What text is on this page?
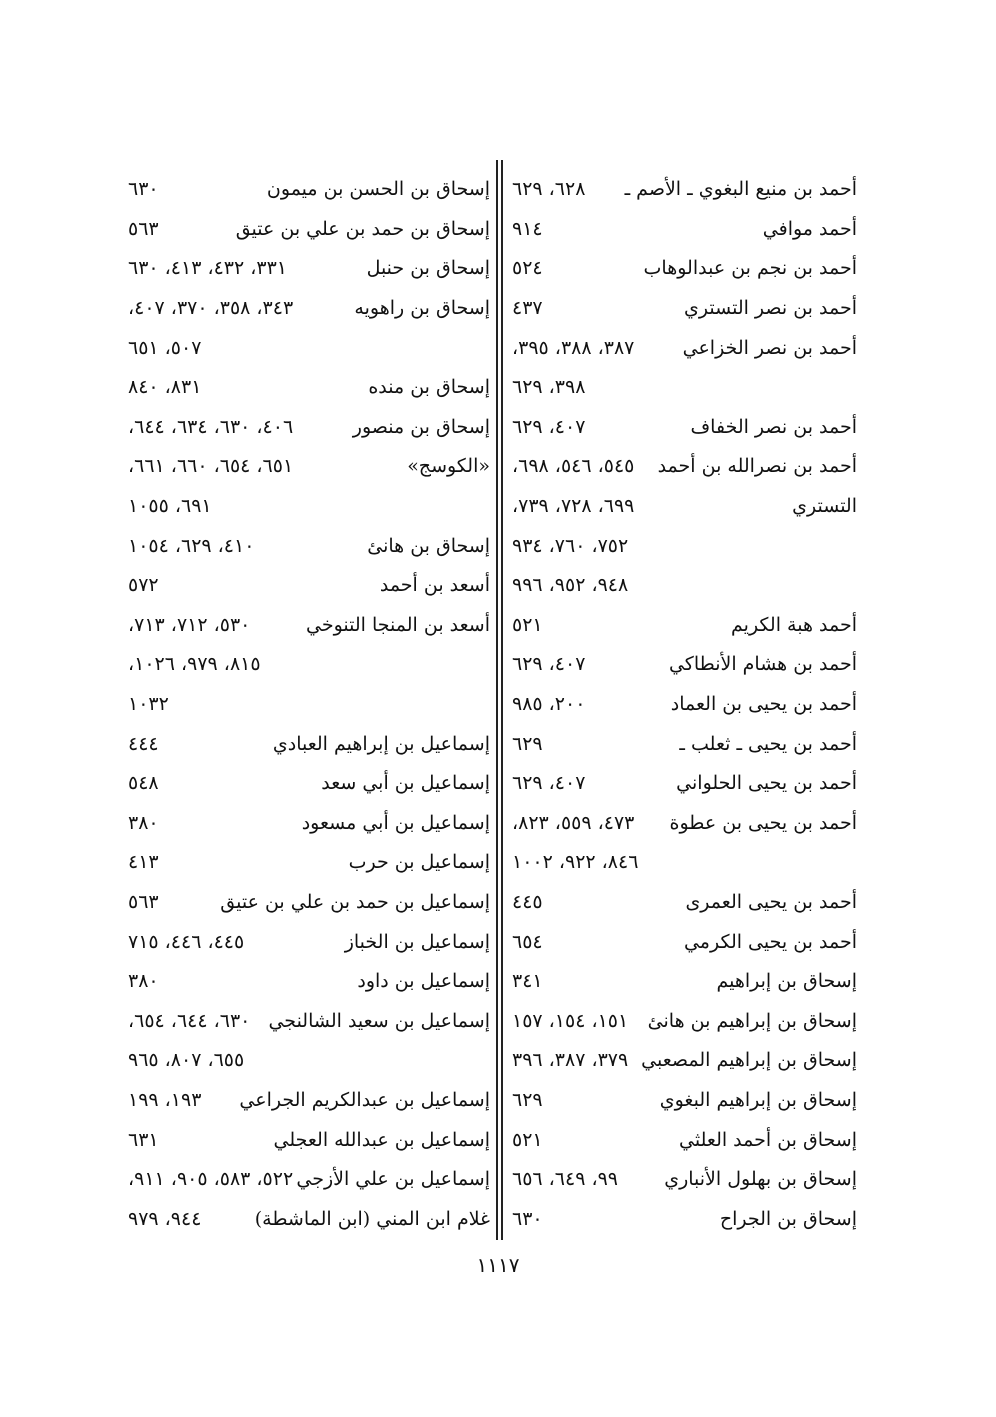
أحمد بن منيع البغوي ـ الأصم ـ
٦٢٨، ٦٢٩
أحمد موافي
٩١٤
أحمد بن نجم بن عبدالوهاب
٥٢٤
أحمد بن نصر التستري
٤٣٧
أحمد بن نصر الخزاعي
٣٨٧، ٣٨٨، ٣٩٥،
٣٩٨، ٦٢٩
أحمد بن نصر الخفاف
٤٠٧، ٦٢٩
أحمد بن نصرالله بن أحمد
٥٤٥، ٥٤٦، ٦٩٨،
التستري
٦٩٩، ٧٢٨، ٧٣٩،
٧٥٢، ٧٦٠، ٩٣٤
٩٤٨، ٩٥٢، ٩٩٦
أحمد هبة الكريم
٥٢١
أحمد بن هشام الأنطاكي
٤٠٧، ٦٢٩
أحمد بن يحيى بن العماد
٢٠٠، ٩٨٥
أحمد بن يحيى ـ ثعلب ـ
٦٢٩
أحمد بن يحيى الحلواني
٤٠٧، ٦٢٩
أحمد بن يحيى بن عطوة
٤٧٣، ٥٥٩، ٨٢٣،
٨٤٦، ٩٢٢، ١٠٠٢
أحمد بن يحيى العمرى
٤٤٥
أحمد بن يحيى الكرمي
٦٥٤
إسحاق بن إبراهيم
٣٤١
إسحاق بن إبراهيم بن هانئ
١٥١، ١٥٤، ١٥٧
إسحاق بن إبراهيم المصعبي
٣٧٩، ٣٨٧، ٣٩٦
إسحاق بن إبراهيم البغوي
٦٢٩
إسحاق بن أحمد العلثي
٥٢١
إسحاق بن بهلول الأنباري
٩٩، ٦٤٩، ٦٥٦
إسحاق بن الجراح
٦٣٠
إسحاق بن الحسن بن ميمون
٦٣٠
إسحاق بن حمد بن علي بن عتيق
٥٦٣
إسحاق بن حنبل
٣٣١، ٤٣٢، ٤١٣، ٦٣٠
إسحاق بن راهويه
٣٤٣، ٣٥٨، ٣٧٠، ٤٠٧،
٥٠٧، ٦٥١
إسحاق بن منده
٨٣١، ٨٤٠
إسحاق بن منصور
٤٠٦، ٦٣٠، ٦٣٤، ٦٤٤،
«الكوسج»
٦٥١، ٦٥٤، ٦٦٠، ٦٦١،
٦٩١، ١٠٥٥
إسحاق بن هانئ
٤١٠، ٦٢٩، ١٠٥٤
أسعد بن أحمد
٥٧٢
أسعد بن المنجا التنوخي
٥٣٠، ٧١٢، ٧١٣،
٨١٥، ٩٧٩، ١٠٢٦،
١٠٣٢
إسماعيل بن إبراهيم العبادي
٤٤٤
إسماعيل بن أبي سعد
٥٤٨
إسماعيل بن أبي مسعود
٣٨٠
إسماعيل بن حرب
٤١٣
إسماعيل بن حمد بن علي بن عتيق
٥٦٣
إسماعيل بن الخباز
٤٤٥، ٤٤٦، ٧١٥
إسماعيل بن داود
٣٨٠
إسماعيل بن سعيد الشالنجي
٦٣٠، ٦٤٤، ٦٥٤،
٦٥٥، ٨٠٧، ٩٦٥
إسماعيل بن عبدالكريم الجراعي
١٩٣، ١٩٩
إسماعيل بن عبدالله العجلي
٦٣١
إسماعيل بن علي الأزجي
٥٢٢، ٥٨٣، ٩٠٥، ٩١١،
غلام ابن المني (ابن الماشطة)
٩٤٤، ٩٧٩
١١١٧
